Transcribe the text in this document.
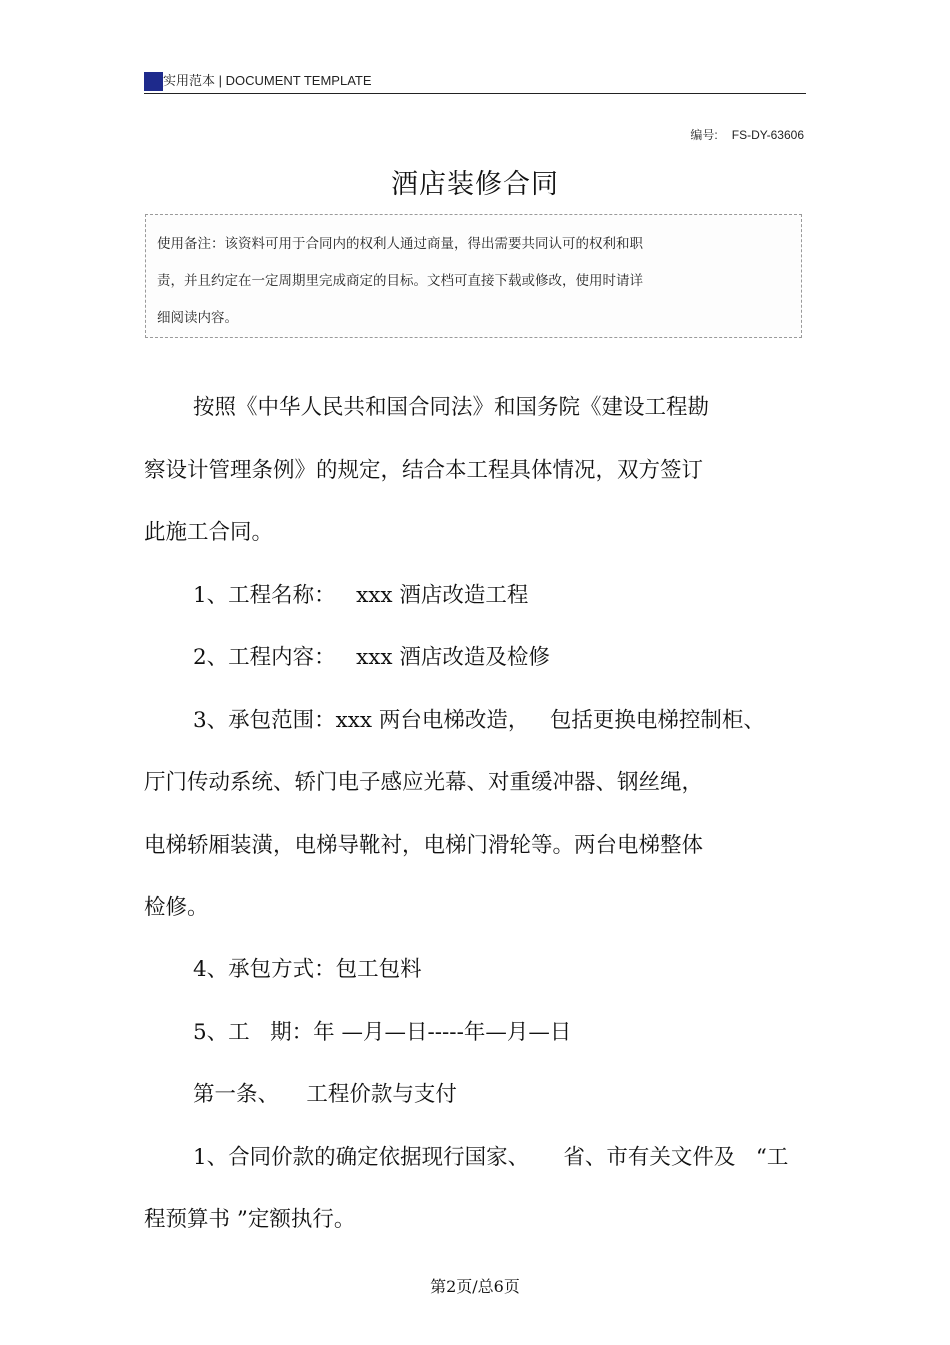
实用范本 | DOCUMENT TEMPLATE
编号: FS-DY-63606
酒店装修合同
使用备注：该资料可用于合同内的权利人通过商量，得出需要共同认可的权利和职
责，并且约定在一定周期里完成商定的目标。文档可直接下载或修改，使用时请详
细阅读内容。
按照《中华人民共和国合同法》和国务院《建设工程勘
察设计管理条例》的规定，结合本工程具体情况，双方签订
此施工合同。
1、工程名称：   xxx 酒店改造工程
2、工程内容：   xxx 酒店改造及检修
3、承包范围：xxx 两台电梯改造，   包括更换电梯控制柜、
厅门传动系统、轿门电子感应光幕、对重缓冲器、钢丝绳，
电梯轿厢装潢，电梯导靴衬，电梯门滑轮等。两台电梯整体
检修。
4、承包方式：包工包料
5、工   期：年 —月—日-----年—月—日
第一条、    工程价款与支付
1、合同价款的确定依据现行国家、     省、市有关文件及   “工
程预算书 ”定额执行。
第2页/总6页
